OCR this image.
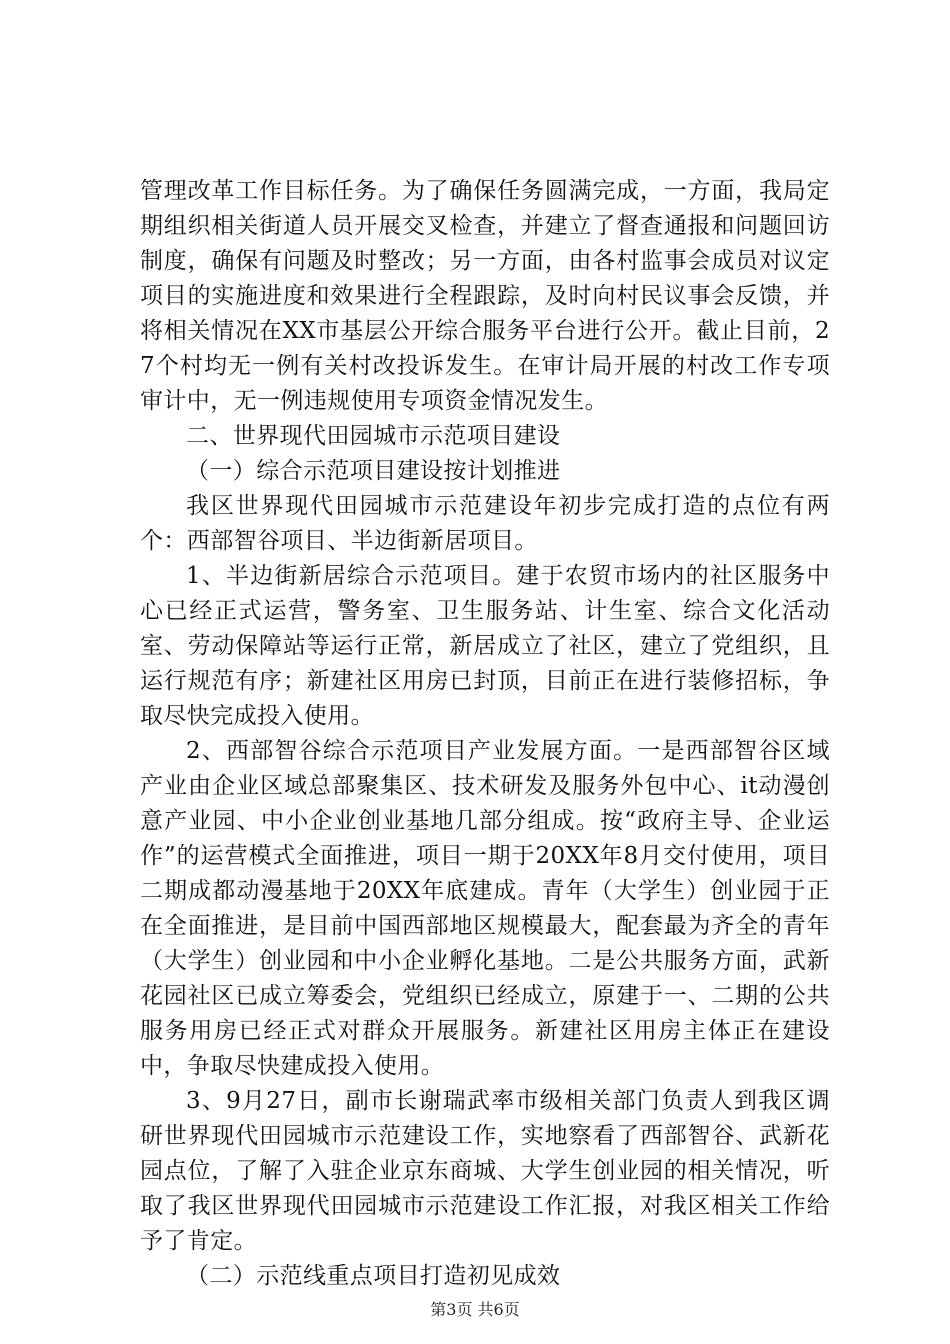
管理改革工作目标任务。为了确保任务圆满完成，一方面，我局定期组织相关街道人员开展交叉检查，并建立了督查通报和问题回访制度，确保有问题及时整改；另一方面，由各村监事会成员对议定项目的实施进度和效果进行全程跟踪，及时向村民议事会反馈，并将相关情况在XX市基层公开综合服务平台进行公开。截止目前，27个村均无一例有关村改投诉发生。在审计局开展的村改工作专项审计中，无一例违规使用专项资金情况发生。

二、世界现代田园城市示范项目建设

（一）综合示范项目建设按计划推进

我区世界现代田园城市示范建设年初步完成打造的点位有两个：西部智谷项目、半边街新居项目。

1、半边街新居综合示范项目。建于农贸市场内的社区服务中心已经正式运营，警务室、卫生服务站、计生室、综合文化活动室、劳动保障站等运行正常，新居成立了社区，建立了党组织，且运行规范有序；新建社区用房已封顶，目前正在进行装修招标，争取尽快完成投入使用。

2、西部智谷综合示范项目产业发展方面。一是西部智谷区域产业由企业区域总部聚集区、技术研发及服务外包中心、it动漫创意产业园、中小企业创业基地几部分组成。按“政府主导、企业运作”的运营模式全面推进，项目一期于20XX年8月交付使用，项目二期成都动漫基地于20XX年底建成。青年（大学生）创业园于正在全面推进，是目前中国西部地区规模最大，配套最为齐全的青年（大学生）创业园和中小企业孵化基地。二是公共服务方面，武新花园社区已成立筹委会，党组织已经成立，原建于一、二期的公共服务用房已经正式对群众开展服务。新建社区用房主体正在建设中，争取尽快建成投入使用。

3、9月27日，副市长谢瑞武率市级相关部门负责人到我区调研世界现代田园城市示范建设工作，实地察看了西部智谷、武新花园点位，了解了入驻企业京东商城、大学生创业园的相关情况，听取了我区世界现代田园城市示范建设工作汇报，对我区相关工作给予了肯定。

（二）示范线重点项目打造初见成效

第3页 共6页
